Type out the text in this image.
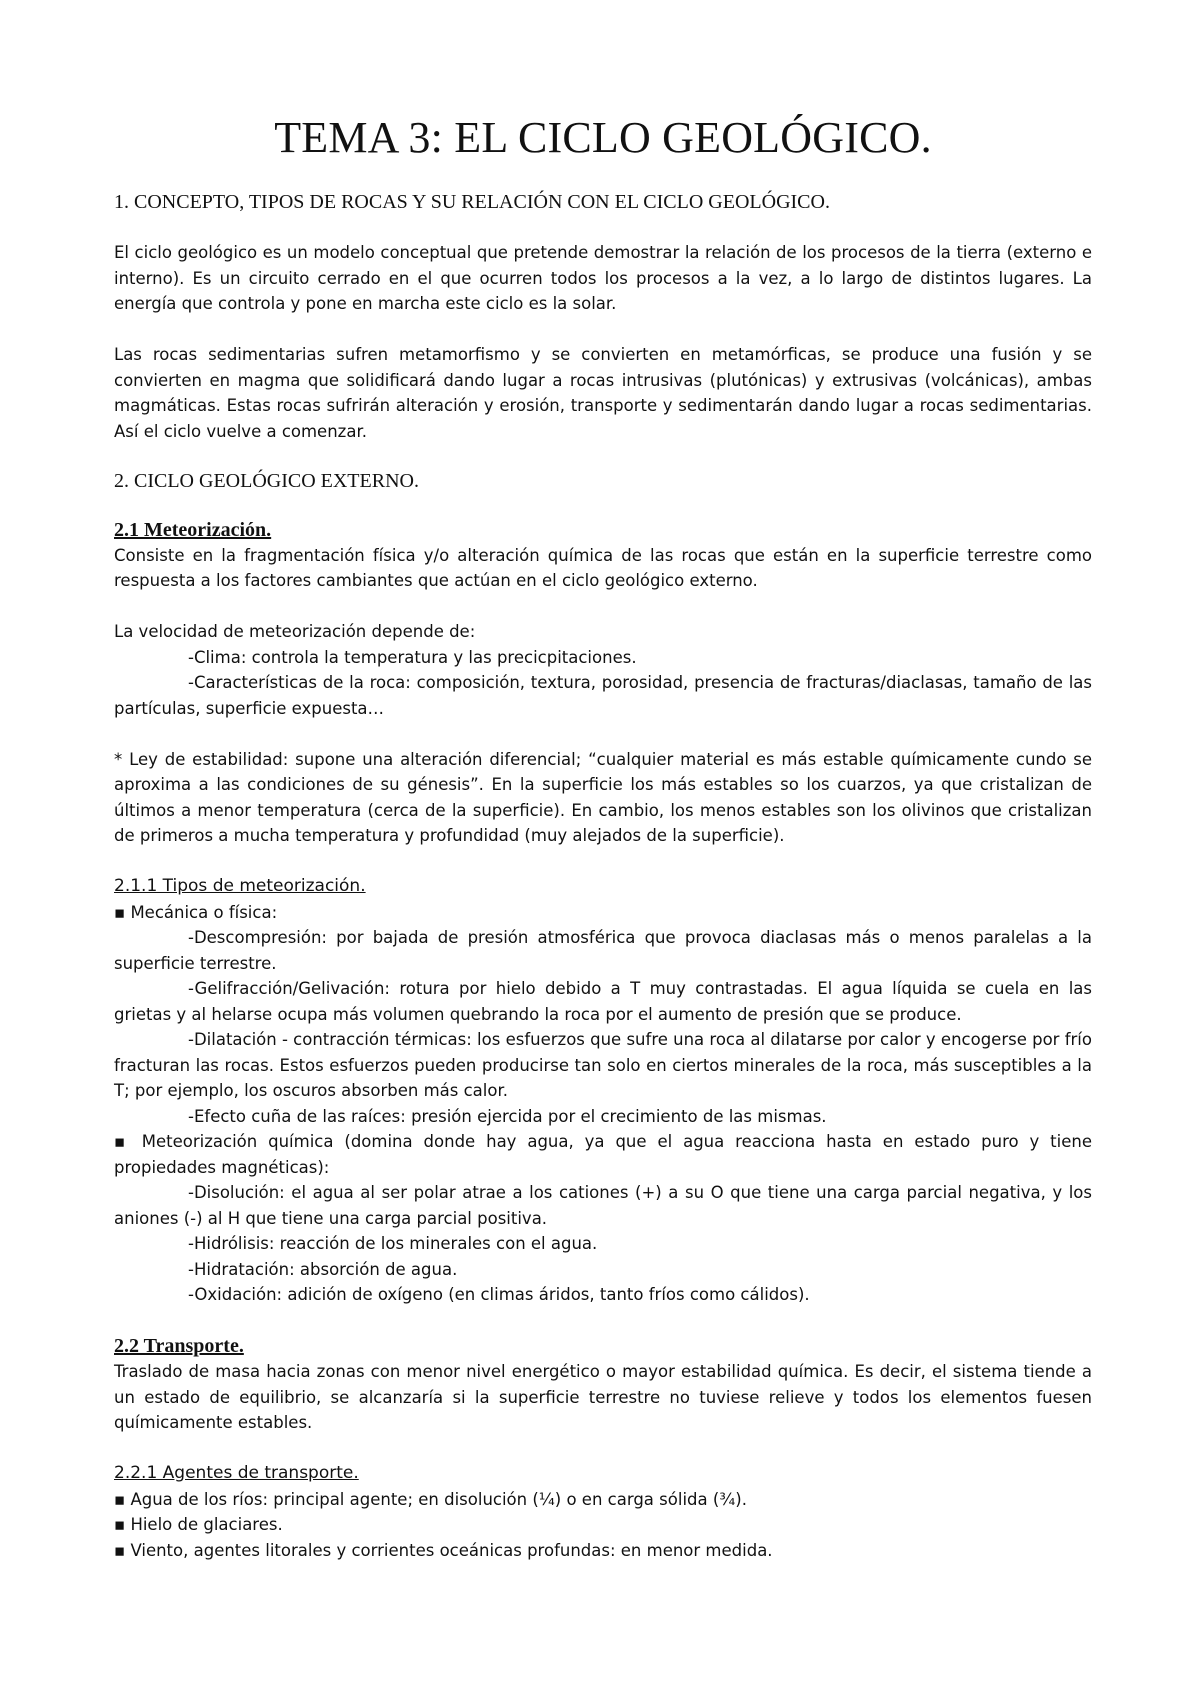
TEMA 3: EL CICLO GEOLÓGICO.
1. CONCEPTO, TIPOS DE ROCAS Y SU RELACIÓN CON EL CICLO GEOLÓGICO.

El ciclo geológico es un modelo conceptual que pretende demostrar la relación de los procesos de la tierra (externo e interno). Es un circuito cerrado en el que ocurren todos los procesos a la vez, a lo largo de distintos lugares. La energía que controla y pone en marcha este ciclo es la solar.

Las rocas sedimentarias sufren metamorfismo y se convierten en metamórficas, se produce una fusión y se convierten en magma que solidificará dando lugar a rocas intrusivas (plutónicas) y extrusivas (volcánicas), ambas magmáticas. Estas rocas sufrirán alteración y erosión, transporte y sedimentarán dando lugar a rocas sedimentarias. Así el ciclo vuelve a comenzar.

2. CICLO GEOLÓGICO EXTERNO.
2.1 Meteorización.

Consiste en la fragmentación física y/o alteración química de las rocas que están en la superficie terrestre como respuesta a los factores cambiantes que actúan en el ciclo geológico externo.

La velocidad de meteorización depende de:

-Clima: controla la temperatura y las precicpitaciones.

-Características de la roca: composición, textura, porosidad, presencia de fracturas/diaclasas, tamaño de las partículas, superficie expuesta…

* Ley de estabilidad: supone una alteración diferencial; “cualquier material es más estable químicamente cundo se aproxima a las condiciones de su génesis”. En la superficie los más estables so los cuarzos, ya que cristalizan de últimos a menor temperatura (cerca de la superficie). En cambio, los menos estables son los olivinos que cristalizan de primeros a mucha temperatura y profundidad (muy alejados de la superficie).

2.1.1 Tipos de meteorización.

▪ Mecánica o física:

-Descompresión: por bajada de presión atmosférica que provoca diaclasas más o menos paralelas a la superficie terrestre.

-Gelifracción/Gelivación: rotura por hielo debido a T muy contrastadas. El agua líquida se cuela en las grietas y al helarse ocupa más volumen quebrando la roca por el aumento de presión que se produce.

-Dilatación - contracción térmicas: los esfuerzos que sufre una roca al dilatarse por calor y encogerse por frío fracturan las rocas. Estos esfuerzos pueden producirse tan solo en ciertos minerales de la roca, más susceptibles a la T; por ejemplo, los oscuros absorben más calor.

-Efecto cuña de las raíces: presión ejercida por el crecimiento de las mismas.

▪ Meteorización química (domina donde hay agua, ya que el agua reacciona hasta en estado puro y tiene propiedades magnéticas):

-Disolución: el agua al ser polar atrae a los cationes (+) a su O que tiene una carga parcial negativa, y los aniones (-) al H que tiene una carga parcial positiva.

-Hidrólisis: reacción de los minerales con el agua.

-Hidratación: absorción de agua.

-Oxidación: adición de oxígeno (en climas áridos, tanto fríos como cálidos).

2.2 Transporte.

Traslado de masa hacia zonas con menor nivel energético o mayor estabilidad química. Es decir, el sistema tiende a un estado de equilibrio, se alcanzaría si la superficie terrestre no tuviese relieve y todos los elementos fuesen químicamente estables.

2.2.1 Agentes de transporte.

▪ Agua de los ríos: principal agente; en disolución (¼) o en carga sólida (¾).

▪ Hielo de glaciares.

▪ Viento, agentes litorales y corrientes oceánicas profundas: en menor medida.
